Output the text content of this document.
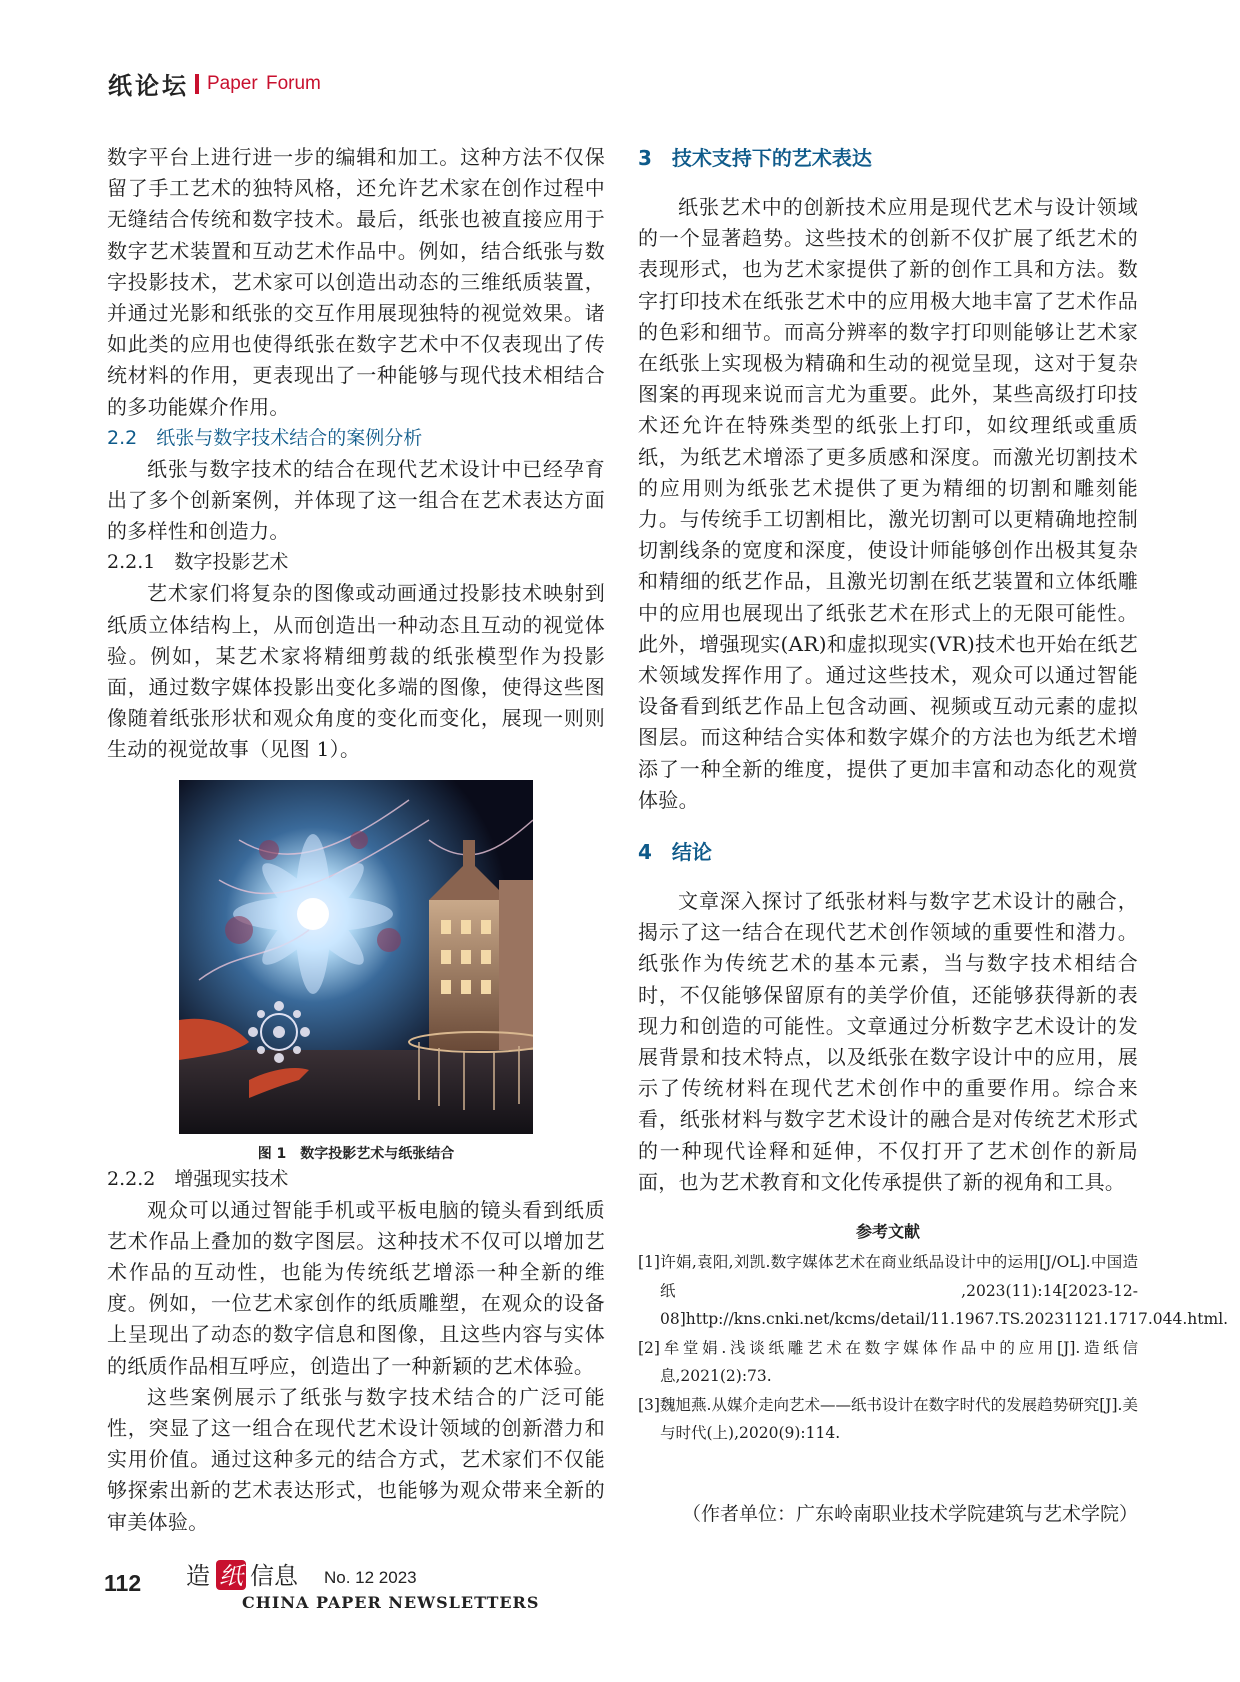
纸论坛 Paper Forum

数字平台上进行进一步的编辑和加工。这种方法不仅保留了手工艺术的独特风格，还允许艺术家在创作过程中无缝结合传统和数字技术。最后，纸张也被直接应用于数字艺术装置和互动艺术作品中。例如，结合纸张与数字投影技术，艺术家可以创造出动态的三维纸质装置，并通过光影和纸张的交互作用展现独特的视觉效果。诸如此类的应用也使得纸张在数字艺术中不仅表现出了传统材料的作用，更表现出了一种能够与现代技术相结合的多功能媒介作用。

2.2　纸张与数字技术结合的案例分析

纸张与数字技术的结合在现代艺术设计中已经孕育出了多个创新案例，并体现了这一组合在艺术表达方面的多样性和创造力。

2.2.1　数字投影艺术

艺术家们将复杂的图像或动画通过投影技术映射到纸质立体结构上，从而创造出一种动态且互动的视觉体验。例如，某艺术家将精细剪裁的纸张模型作为投影面，通过数字媒体投影出变化多端的图像，使得这些图像随着纸张形状和观众角度的变化而变化，展现一则则生动的视觉故事（见图 1）。

图 1　数字投影艺术与纸张结合

2.2.2　增强现实技术

观众可以通过智能手机或平板电脑的镜头看到纸质艺术作品上叠加的数字图层。这种技术不仅可以增加艺术作品的互动性，也能为传统纸艺增添一种全新的维度。例如，一位艺术家创作的纸质雕塑，在观众的设备上呈现出了动态的数字信息和图像，且这些内容与实体的纸质作品相互呼应，创造出了一种新颖的艺术体验。

这些案例展示了纸张与数字技术结合的广泛可能性，突显了这一组合在现代艺术设计领域的创新潜力和实用价值。通过这种多元的结合方式，艺术家们不仅能够探索出新的艺术表达形式，也能够为观众带来全新的审美体验。

3　技术支持下的艺术表达

纸张艺术中的创新技术应用是现代艺术与设计领域的一个显著趋势。这些技术的创新不仅扩展了纸艺术的表现形式，也为艺术家提供了新的创作工具和方法。数字打印技术在纸张艺术中的应用极大地丰富了艺术作品的色彩和细节。而高分辨率的数字打印则能够让艺术家在纸张上实现极为精确和生动的视觉呈现，这对于复杂图案的再现来说而言尤为重要。此外，某些高级打印技术还允许在特殊类型的纸张上打印，如纹理纸或重质纸，为纸艺术增添了更多质感和深度。而激光切割技术的应用则为纸张艺术提供了更为精细的切割和雕刻能力。与传统手工切割相比，激光切割可以更精确地控制切割线条的宽度和深度，使设计师能够创作出极其复杂和精细的纸艺作品，且激光切割在纸艺装置和立体纸雕中的应用也展现出了纸张艺术在形式上的无限可能性。此外，增强现实(AR)和虚拟现实(VR)技术也开始在纸艺术领域发挥作用了。通过这些技术，观众可以通过智能设备看到纸艺作品上包含动画、视频或互动元素的虚拟图层。而这种结合实体和数字媒介的方法也为纸艺术增添了一种全新的维度，提供了更加丰富和动态化的观赏体验。

4　结论

文章深入探讨了纸张材料与数字艺术设计的融合，揭示了这一结合在现代艺术创作领域的重要性和潜力。纸张作为传统艺术的基本元素，当与数字技术相结合时，不仅能够保留原有的美学价值，还能够获得新的表现力和创造的可能性。文章通过分析数字艺术设计的发展背景和技术特点，以及纸张在数字设计中的应用，展示了传统材料在现代艺术创作中的重要作用。综合来看，纸张材料与数字艺术设计的融合是对传统艺术形式的一种现代诠释和延伸，不仅打开了艺术创作的新局面，也为艺术教育和文化传承提供了新的视角和工具。

参考文献

[1]许娟,袁阳,刘凯.数字媒体艺术在商业纸品设计中的运用[J/OL].中国造纸,2023(11):14[2023-12-08]http://kns.cnki.net/kcms/detail/11.1967.TS.20231121.1717.044.html.

[2]牟堂娟.浅谈纸雕艺术在数字媒体作品中的应用[J].造纸信息,2021(2):73.

[3]魏旭燕.从媒介走向艺术——纸书设计在数字时代的发展趋势研究[J].美与时代(上),2020(9):114.

（作者单位：广东岭南职业技术学院建筑与艺术学院）
112 造 纸 信息
CHINA PAPER NEWSLETTERS
No. 12 2023
